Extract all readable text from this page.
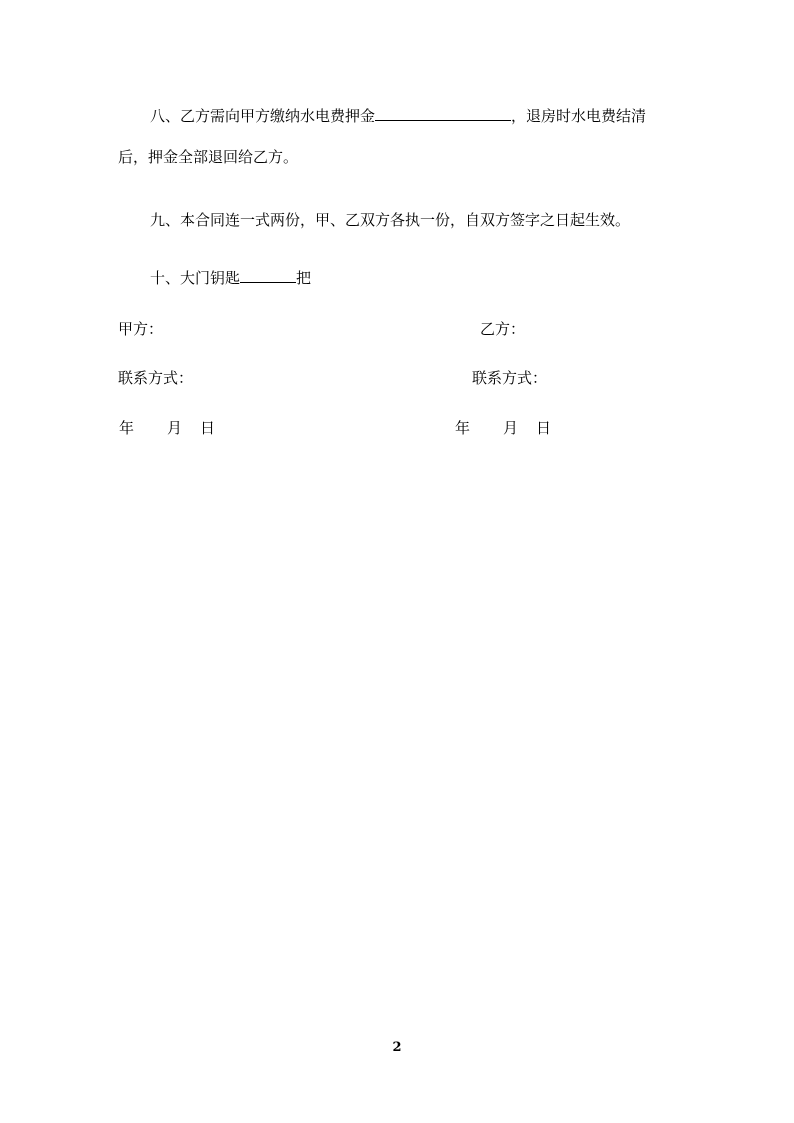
八、乙方需向甲方缴纳水电费押金	，退房时水电费结清
后，押金全部退回给乙方。
九、本合同连一式两份，甲、乙双方各执一份，自双方签字之日起生效。
十、大门钥匙	把
甲方：	乙方：
联系方式：	联系方式：
年 月 日	年 月 日
2
